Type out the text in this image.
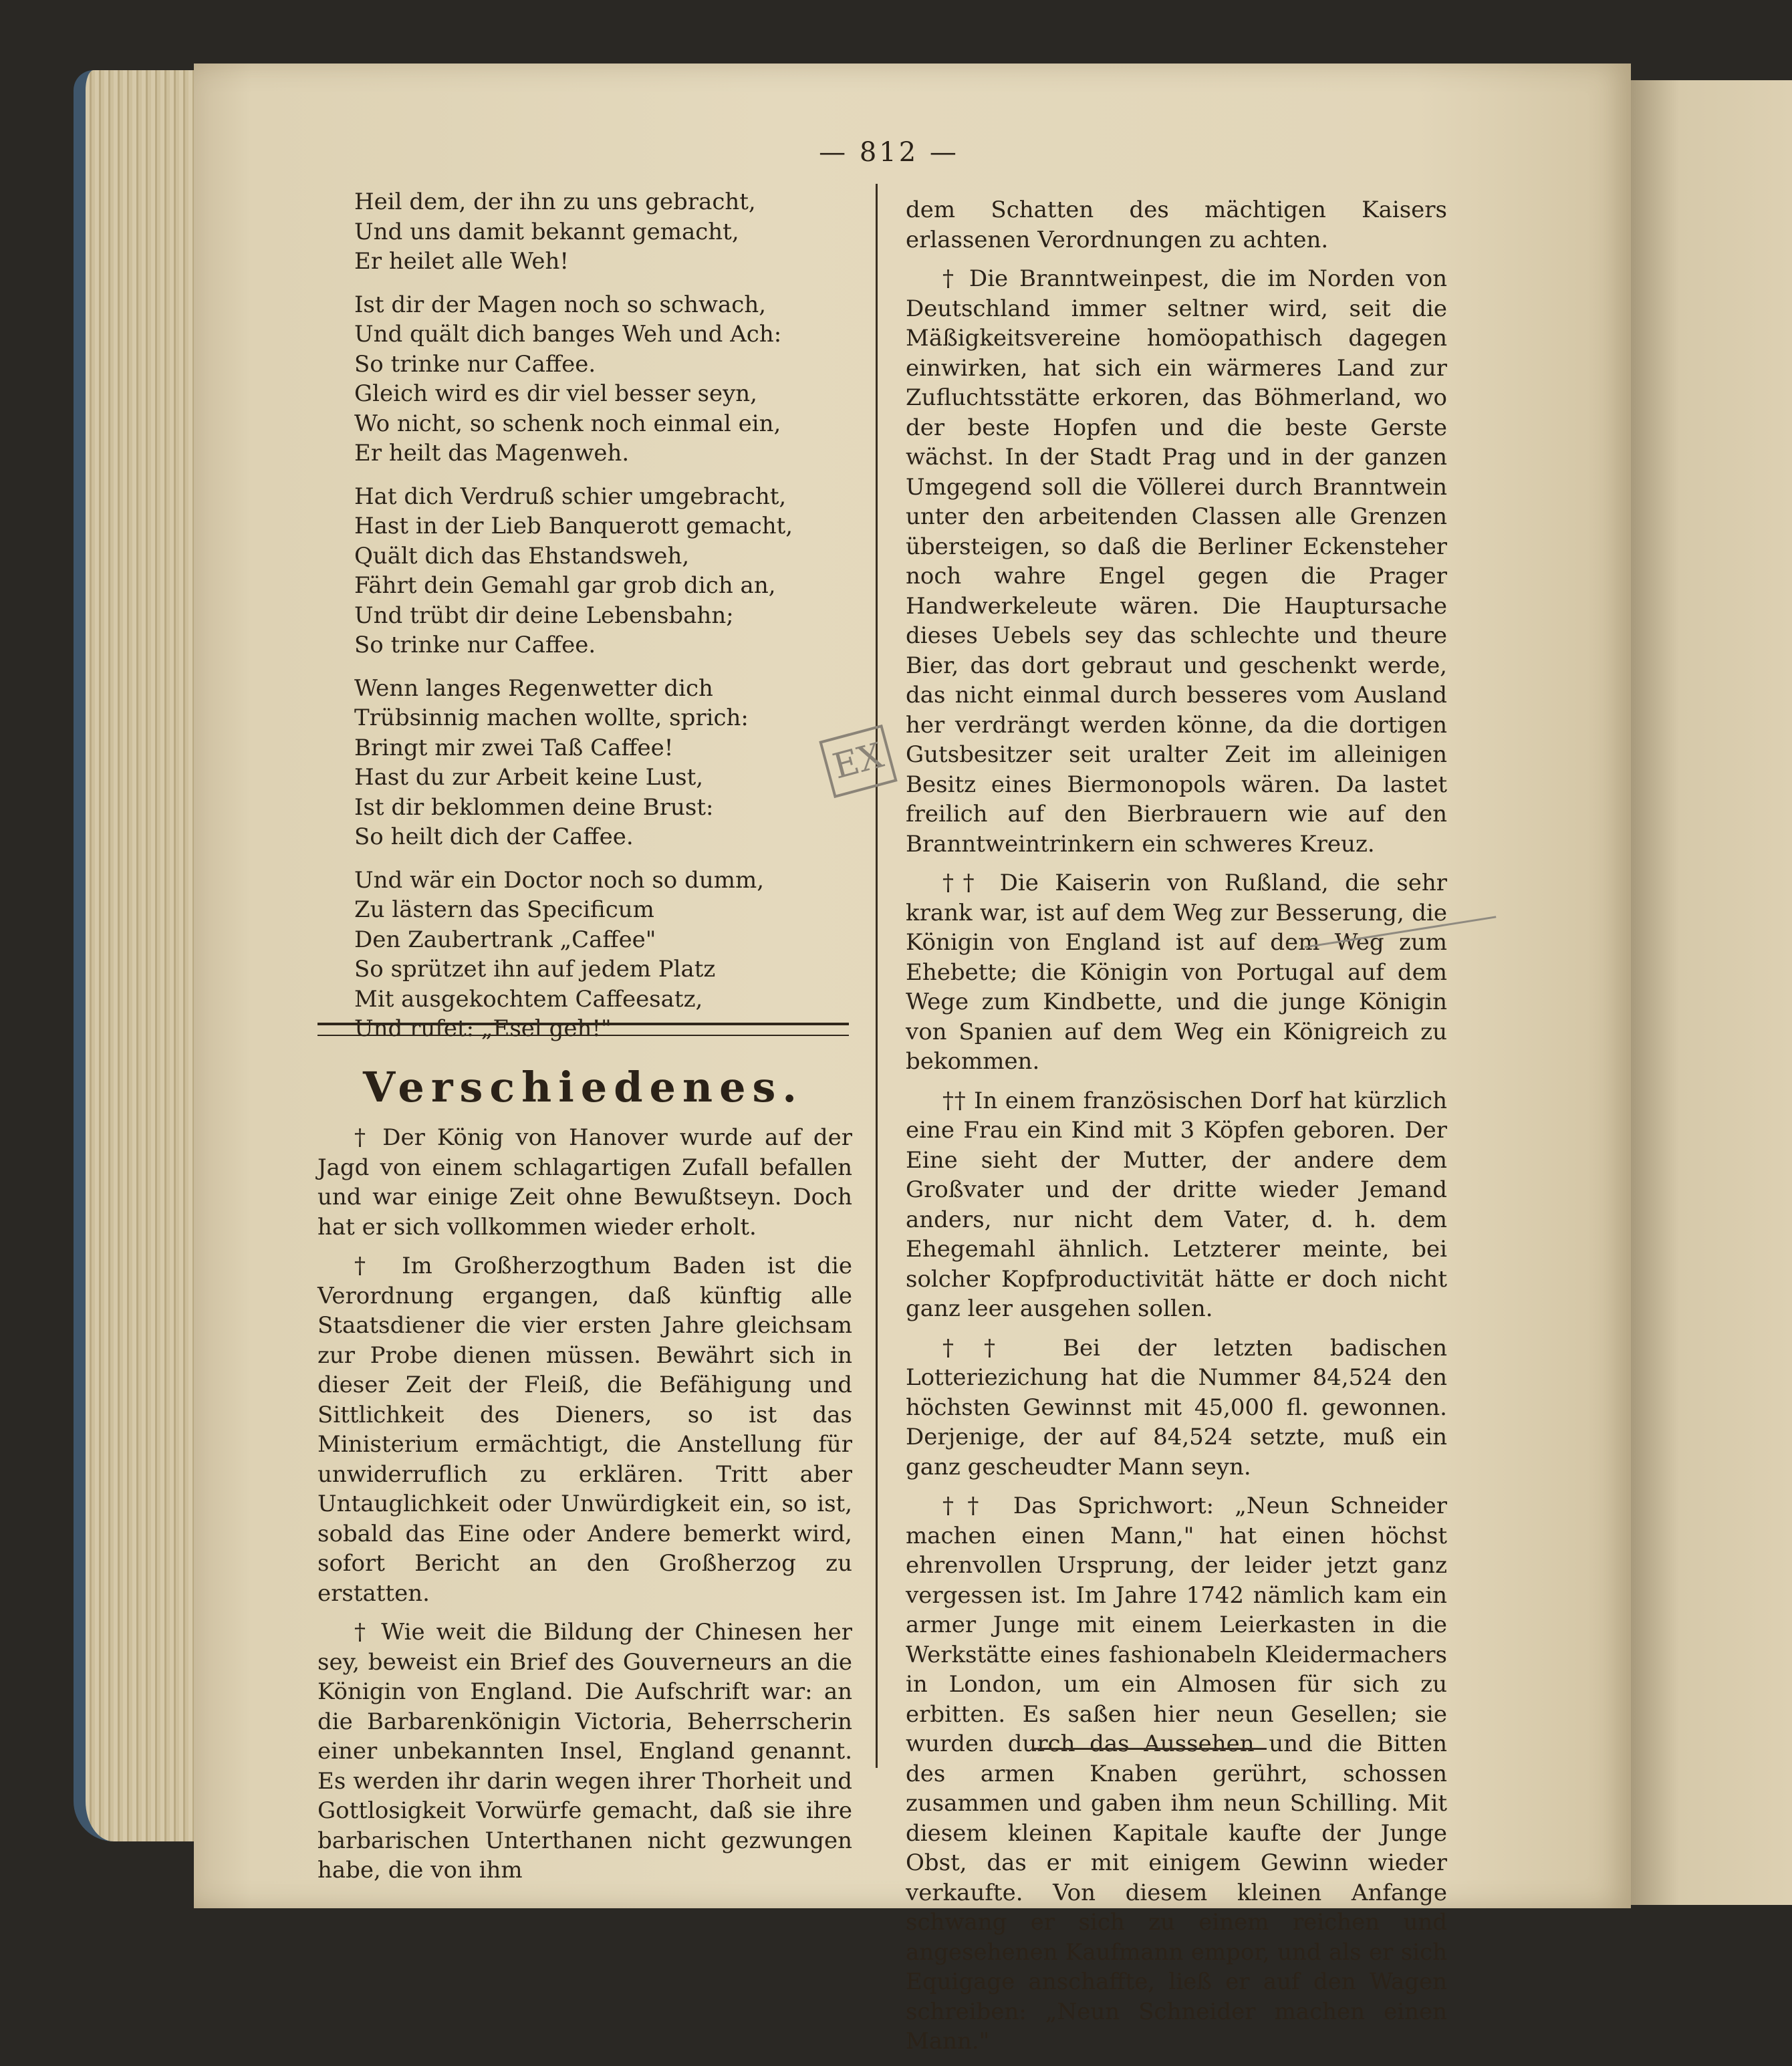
— 812 —
Heil dem, der ihn zu uns gebracht,
Und uns damit bekannt gemacht,
Er heilet alle Weh!
Ist dir der Magen noch so schwach,
Und quält dich banges Weh und Ach:
So trinke nur Caffee.
Gleich wird es dir viel besser seyn,
Wo nicht, so schenk noch einmal ein,
Er heilt das Magenweh.
Hat dich Verdruß schier umgebracht,
Hast in der Lieb Banquerott gemacht,
Quält dich das Ehstandsweh,
Fährt dein Gemahl gar grob dich an,
Und trübt dir deine Lebensbahn;
So trinke nur Caffee.
Wenn langes Regenwetter dich
Trübsinnig machen wollte, sprich:
Bringt mir zwei Taß Caffee!
Hast du zur Arbeit keine Lust,
Ist dir beklommen deine Brust:
So heilt dich der Caffee.
Und wär ein Doctor noch so dumm,
Zu lästern das Specificum
Den Zaubertrank „Caffee"
So sprützet ihn auf jedem Platz
Mit ausgekochtem Caffeesatz,
Und rufet: „Esel geh!"
Verschiedenes.

† Der König von Hanover wurde auf der Jagd von einem schlagartigen Zufall befallen und war einige Zeit ohne Bewußtseyn. Doch hat er sich vollkommen wieder erholt.

† Im Großherzogthum Baden ist die Verordnung ergangen, daß künftig alle Staatsdiener die vier ersten Jahre gleichsam zur Probe dienen müssen. Bewährt sich in dieser Zeit der Fleiß, die Befähigung und Sittlichkeit des Dieners, so ist das Ministerium ermächtigt, die Anstellung für unwiderruflich zu erklären. Tritt aber Untauglichkeit oder Unwürdigkeit ein, so ist, sobald das Eine oder Andere bemerkt wird, sofort Bericht an den Großherzog zu erstatten.

† Wie weit die Bildung der Chinesen her sey, beweist ein Brief des Gouverneurs an die Königin von England. Die Aufschrift war: an die Barbarenkönigin Victoria, Beherrscherin einer unbekannten Insel, England genannt. Es werden ihr darin wegen ihrer Thorheit und Gottlosigkeit Vorwürfe gemacht, daß sie ihre barbarischen Unterthanen nicht gezwungen habe, die von ihm

dem Schatten des mächtigen Kaisers erlassenen Verordnungen zu achten.

† Die Branntweinpest, die im Norden von Deutschland immer seltner wird, seit die Mäßigkeitsvereine homöopathisch dagegen einwirken, hat sich ein wärmeres Land zur Zufluchtsstätte erkoren, das Böhmerland, wo der beste Hopfen und die beste Gerste wächst. In der Stadt Prag und in der ganzen Umgegend soll die Völlerei durch Branntwein unter den arbeitenden Classen alle Grenzen übersteigen, so daß die Berliner Eckensteher noch wahre Engel gegen die Prager Handwerkeleute wären. Die Hauptursache dieses Uebels sey das schlechte und theure Bier, das dort gebraut und geschenkt werde, das nicht einmal durch besseres vom Ausland her verdrängt werden könne, da die dortigen Gutsbesitzer seit uralter Zeit im alleinigen Besitz eines Biermonopols wären. Da lastet freilich auf den Bierbrauern wie auf den Branntweintrinkern ein schweres Kreuz.

†† Die Kaiserin von Rußland, die sehr krank war, ist auf dem Weg zur Besserung, die Königin von England ist auf dem Weg zum Ehebette; die Königin von Portugal auf dem Wege zum Kindbette, und die junge Königin von Spanien auf dem Weg ein Königreich zu bekommen.

†† In einem französischen Dorf hat kürzlich eine Frau ein Kind mit 3 Köpfen geboren. Der Eine sieht der Mutter, der andere dem Großvater und der dritte wieder Jemand anders, nur nicht dem Vater, d. h. dem Ehegemahl ähnlich. Letzterer meinte, bei solcher Kopfproductivität hätte er doch nicht ganz leer ausgehen sollen.

†† Bei der letzten badischen Lotteriezichung hat die Nummer 84,524 den höchsten Gewinnst mit 45,000 fl. gewonnen. Derjenige, der auf 84,524 setzte, muß ein ganz gescheudter Mann seyn.

†† Das Sprichwort: „Neun Schneider machen einen Mann," hat einen höchst ehrenvollen Ursprung, der leider jetzt ganz vergessen ist. Im Jahre 1742 nämlich kam ein armer Junge mit einem Leierkasten in die Werkstätte eines fashionabeln Kleidermachers in London, um ein Almosen für sich zu erbitten. Es saßen hier neun Gesellen; sie wurden durch das Aussehen und die Bitten des armen Knaben gerührt, schossen zusammen und gaben ihm neun Schilling. Mit diesem kleinen Kapitale kaufte der Junge Obst, das er mit einigem Gewinn wieder verkaufte. Von diesem kleinen Anfange schwang er sich zu einem reichen und angesehenen Kaufmann empor, und als er sich Equigage anschaffte, ließ er auf den Wagen schreiben: „Neun Schneider machen einen Mann."

EX
